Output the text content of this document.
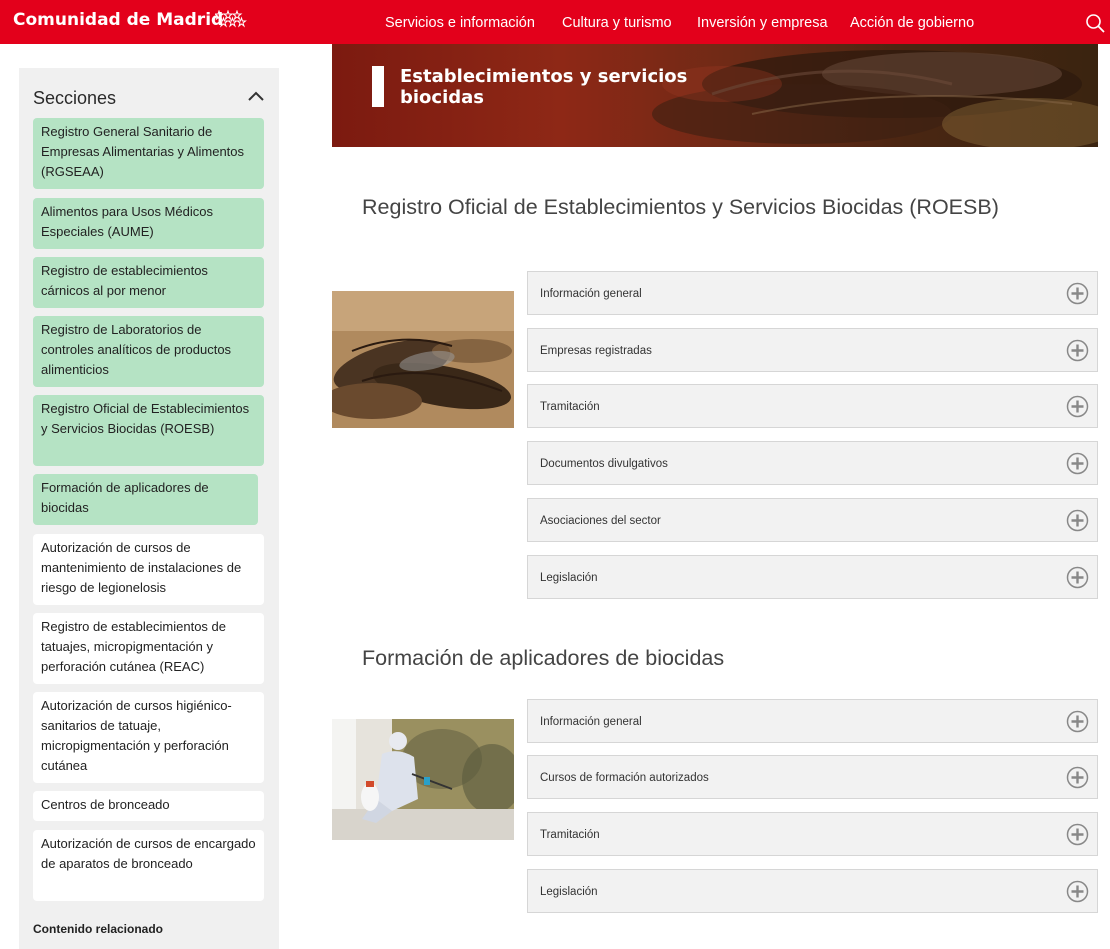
Comunidad de Madrid	Servicios e información Cultura y turismo Inversión y empresa Acción de gobierno
Secciones
Registro General Sanitario de Empresas Alimentarias y Alimentos (RGSEAA)
Alimentos para Usos Médicos Especiales (AUME)
Registro de establecimientos cárnicos al por menor
Registro de Laboratorios de controles analíticos de productos alimenticios
Registro Oficial de Establecimientos y Servicios Biocidas (ROESB)
Formación de aplicadores de biocidas
Autorización de cursos de mantenimiento de instalaciones de riesgo de legionelosis
Registro de establecimientos de tatuajes, micropigmentación y perforación cutánea (REAC)
Autorización de cursos higiénico-sanitarios de tatuaje, micropigmentación y perforación cutánea
Centros de bronceado
Autorización de cursos de encargado de aparatos de bronceado
Contenido relacionado
Establecimientos y servicios biocidas
Registro Oficial de Establecimientos y Servicios Biocidas (ROESB)
Información general
Empresas registradas
Tramitación
Documentos divulgativos
Asociaciones del sector
Legislación
Formación de aplicadores de biocidas
Información general
Cursos de formación autorizados
Tramitación
Legislación
